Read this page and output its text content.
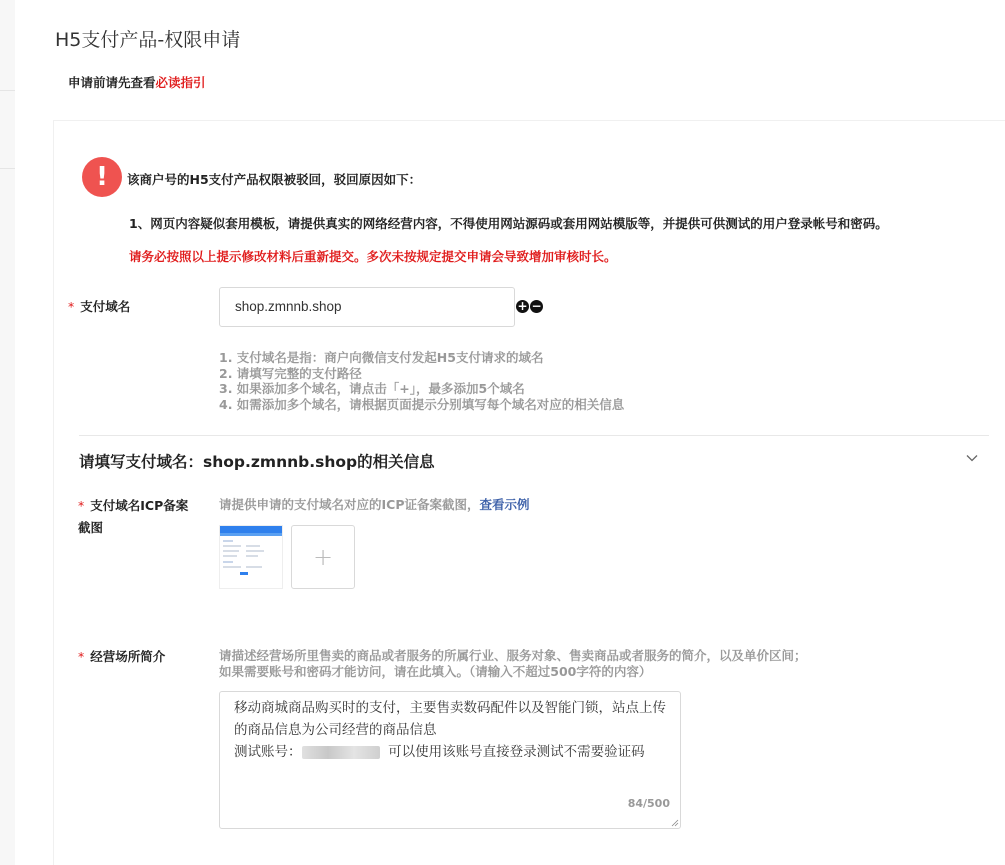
H5支付产品-权限申请
申请前请先查看必读指引
!	该商户号的H5支付产品权限被驳回，驳回原因如下：
1、网页内容疑似套用模板，请提供真实的网络经营内容，不得使用网站源码或套用网站模版等，并提供可供测试的用户登录帐号和密码。
请务必按照以上提示修改材料后重新提交。多次未按规定提交申请会导致增加审核时长。
* 支付域名	shop.zmnnb.shop	+ −
1. 支付域名是指：商户向微信支付发起H5支付请求的域名
2. 请填写完整的支付路径
3. 如果添加多个域名，请点击「+」，最多添加5个域名
4. 如需添加多个域名，请根据页面提示分别填写每个域名对应的相关信息
请填写支付域名：shop.zmnnb.shop的相关信息
* 支付域名ICP备案
截图
请提供申请的支付域名对应的ICP证备案截图，查看示例
+
* 经营场所简介	请描述经营场所里售卖的商品或者服务的所属行业、服务对象、售卖商品或者服务的简介，以及单价区间；
如果需要账号和密码才能访问，请在此填入。（请输入不超过500字符的内容）
移动商城商品购买时的支付，主要售卖数码配件以及智能门锁，站点上传的商品信息为公司经营的商品信息
测试账号：	可以使用该账号直接登录测试不需要验证码
84/500
